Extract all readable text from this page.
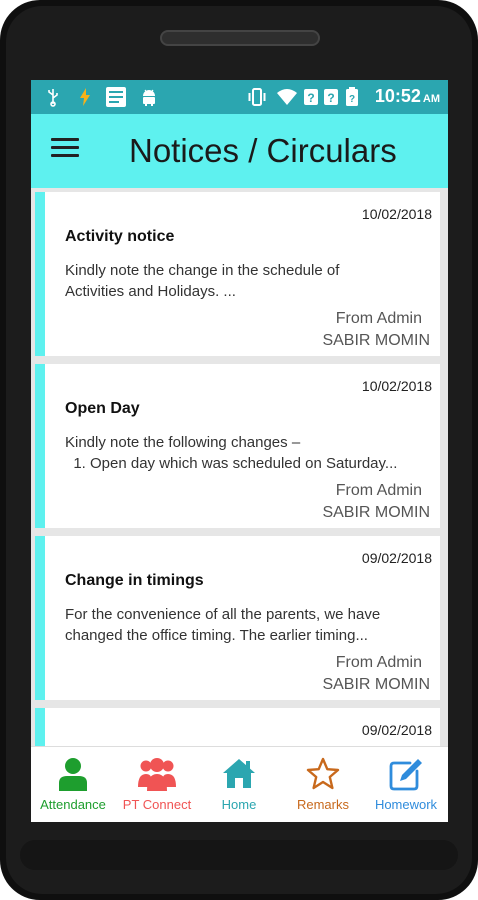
? ? ? 10:52 AM
Notices / Circulars
10/02/2018
Activity notice
Kindly note the change in the schedule of
Activities and Holidays. ...
From Admin
SABIR MOMIN
10/02/2018
Open Day
Kindly note the following changes –
1. Open day which was scheduled on Saturday...
From Admin
SABIR MOMIN
09/02/2018
Change in timings
For the convenience of all the parents, we have
changed the office timing. The earlier timing...
From Admin
SABIR MOMIN
09/02/2018
Attendance	PT Connect	Home	Remarks	Homework
